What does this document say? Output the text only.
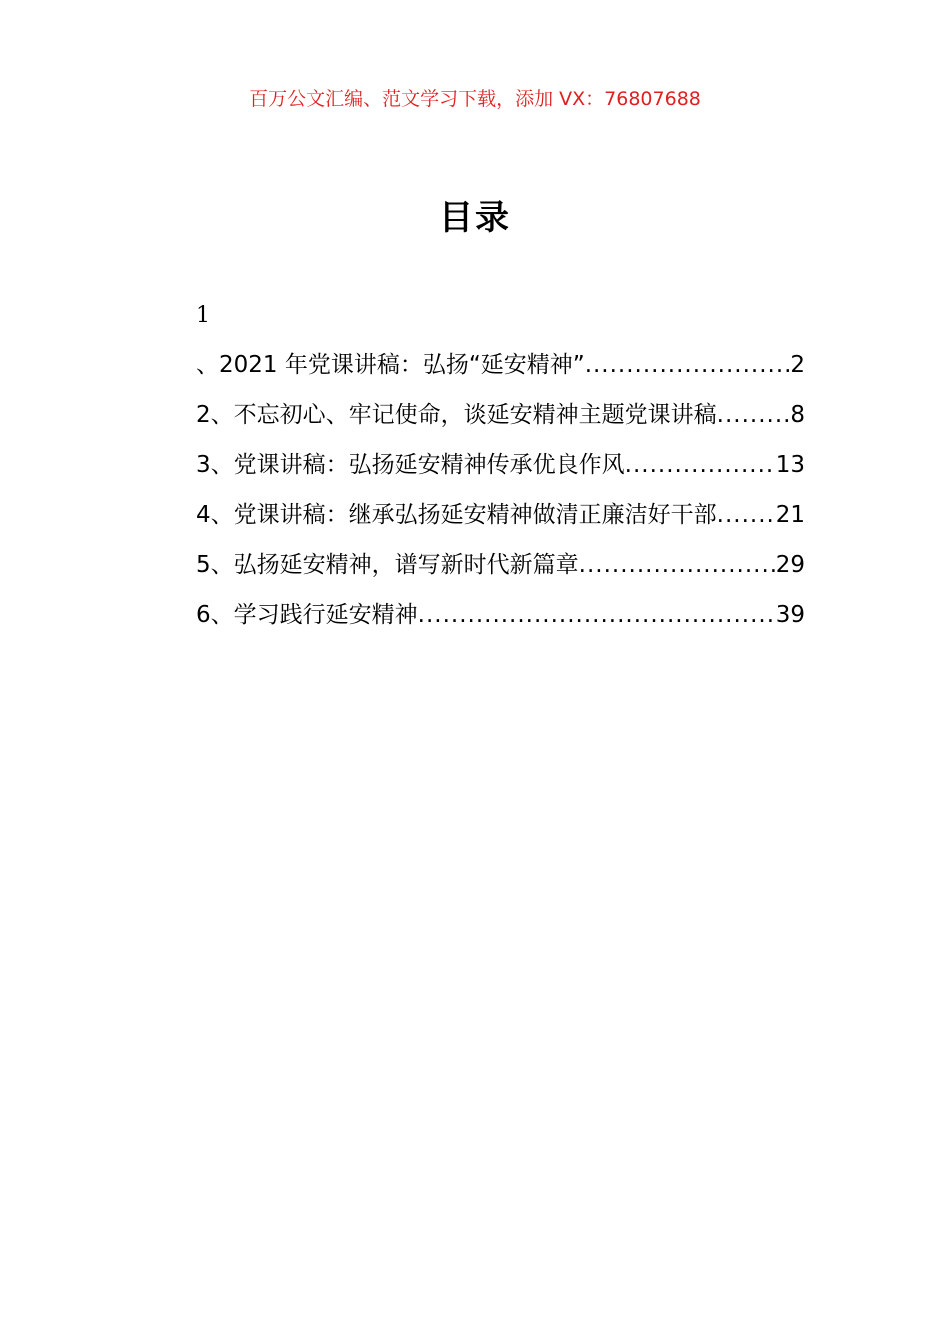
百万公文汇编、范文学习下载，添加 VX：76807688
目录
1
、2021 年党课讲稿：弘扬“延安精神” .....	2
2、不忘初心、牢记使命，谈延安精神主题党课讲稿 .....	8
3、党课讲稿：弘扬延安精神传承优良作风 .....	13
4、党课讲稿：继承弘扬延安精神做清正廉洁好干部 .....	21
5、弘扬延安精神，谱写新时代新篇章 .....	29
6、学习践行延安精神 .....	39
